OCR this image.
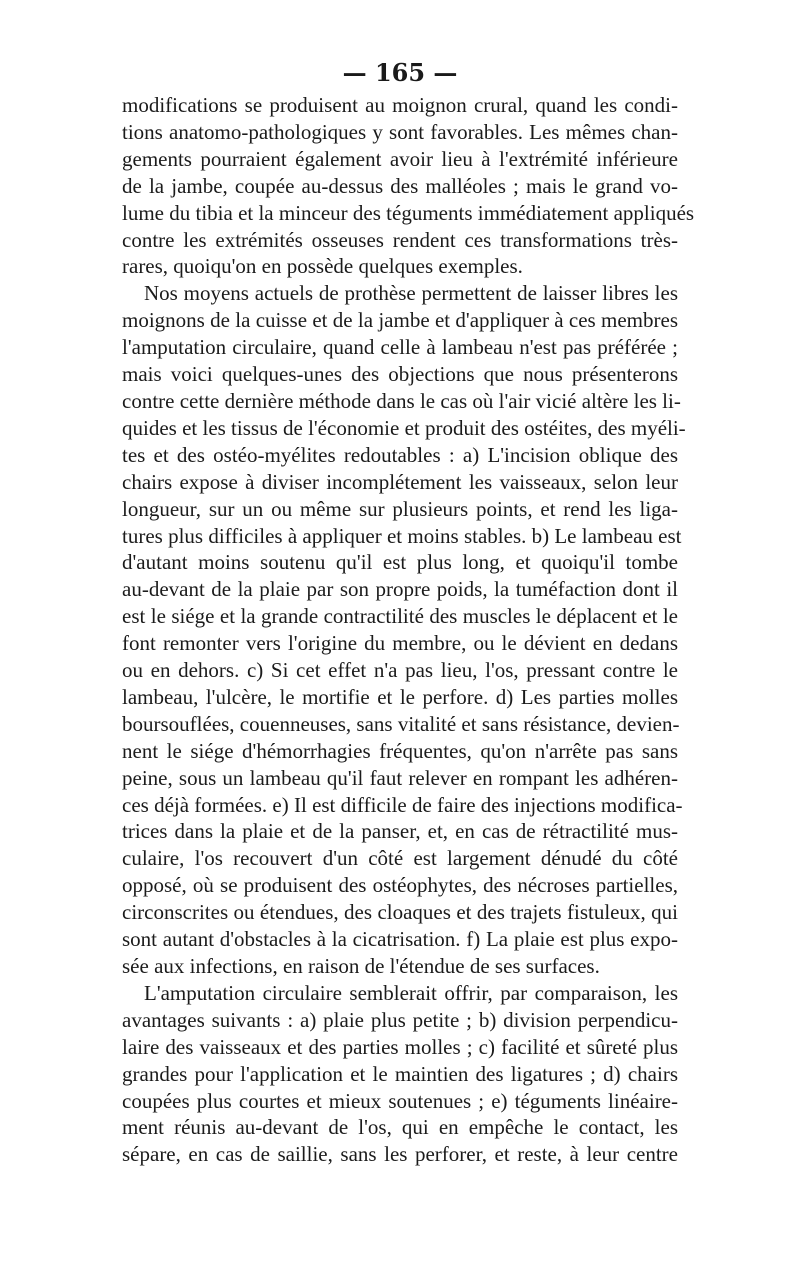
— 165 —
modifications se produisent au moignon crural, quand les condi-
tions anatomo-pathologiques y sont favorables. Les mêmes chan-
gements pourraient également avoir lieu à l'extrémité inférieure
de la jambe, coupée au-dessus des malléoles ; mais le grand vo-
lume du tibia et la minceur des téguments immédiatement appliqués
contre les extrémités osseuses rendent ces transformations très-
rares, quoiqu'on en possède quelques exemples.
Nos moyens actuels de prothèse permettent de laisser libres les
moignons de la cuisse et de la jambe et d'appliquer à ces membres
l'amputation circulaire, quand celle à lambeau n'est pas préférée ;
mais voici quelques-unes des objections que nous présenterons
contre cette dernière méthode dans le cas où l'air vicié altère les li-
quides et les tissus de l'économie et produit des ostéites, des myéli-
tes et des ostéo-myélites redoutables : a) L'incision oblique des
chairs expose à diviser incomplétement les vaisseaux, selon leur
longueur, sur un ou même sur plusieurs points, et rend les liga-
tures plus difficiles à appliquer et moins stables. b) Le lambeau est
d'autant moins soutenu qu'il est plus long, et quoiqu'il tombe
au-devant de la plaie par son propre poids, la tuméfaction dont il
est le siége et la grande contractilité des muscles le déplacent et le
font remonter vers l'origine du membre, ou le dévient en dedans
ou en dehors. c) Si cet effet n'a pas lieu, l'os, pressant contre le
lambeau, l'ulcère, le mortifie et le perfore. d) Les parties molles
boursouflées, couenneuses, sans vitalité et sans résistance, devien-
nent le siége d'hémorrhagies fréquentes, qu'on n'arrête pas sans
peine, sous un lambeau qu'il faut relever en rompant les adhéren-
ces déjà formées. e) Il est difficile de faire des injections modifica-
trices dans la plaie et de la panser, et, en cas de rétractilité mus-
culaire, l'os recouvert d'un côté est largement dénudé du côté
opposé, où se produisent des ostéophytes, des nécroses partielles,
circonscrites ou étendues, des cloaques et des trajets fistuleux, qui
sont autant d'obstacles à la cicatrisation. f) La plaie est plus expo-
sée aux infections, en raison de l'étendue de ses surfaces.
L'amputation circulaire semblerait offrir, par comparaison, les
avantages suivants : a) plaie plus petite ; b) division perpendicu-
laire des vaisseaux et des parties molles ; c) facilité et sûreté plus
grandes pour l'application et le maintien des ligatures ; d) chairs
coupées plus courtes et mieux soutenues ; e) téguments linéaire-
ment réunis au-devant de l'os, qui en empêche le contact, les
sépare, en cas de saillie, sans les perforer, et reste, à leur centre
